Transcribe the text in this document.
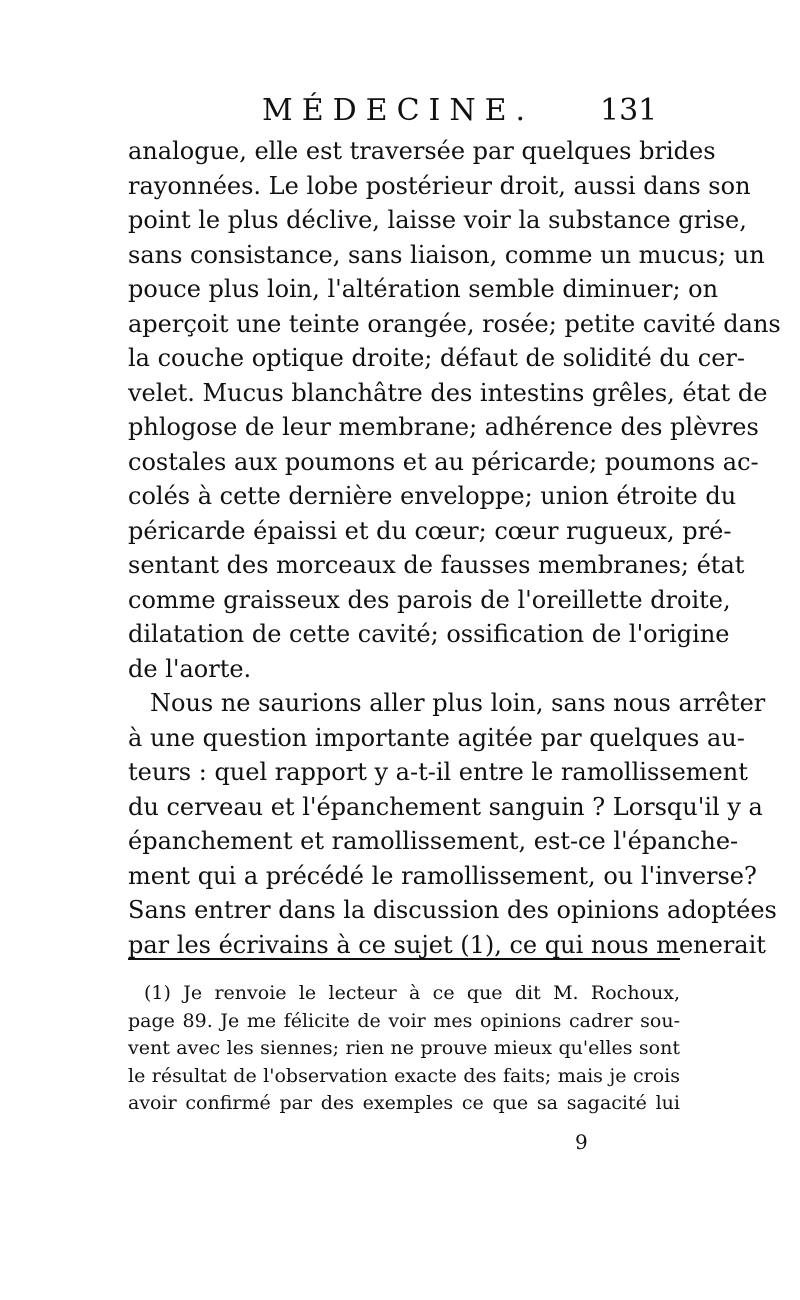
MÉDECINE. 131
analogue, elle est traversée par quelques brides
rayonnées. Le lobe postérieur droit, aussi dans son
point le plus déclive, laisse voir la substance grise,
sans consistance, sans liaison, comme un mucus; un
pouce plus loin, l'altération semble diminuer; on
aperçoit une teinte orangée, rosée; petite cavité dans
la couche optique droite; défaut de solidité du cer-
velet. Mucus blanchâtre des intestins grêles, état de
phlogose de leur membrane; adhérence des plèvres
costales aux poumons et au péricarde; poumons ac-
colés à cette dernière enveloppe; union étroite du
péricarde épaissi et du cœur; cœur rugueux, pré-
sentant des morceaux de fausses membranes; état
comme graisseux des parois de l'oreillette droite,
dilatation de cette cavité; ossification de l'origine
de l'aorte.
Nous ne saurions aller plus loin, sans nous arrêter
à une question importante agitée par quelques au-
teurs : quel rapport y a-t-il entre le ramollissement
du cerveau et l'épanchement sanguin ? Lorsqu'il y a
épanchement et ramollissement, est-ce l'épanche-
ment qui a précédé le ramollissement, ou l'inverse?
Sans entrer dans la discussion des opinions adoptées
par les écrivains à ce sujet (1), ce qui nous menerait
(1) Je renvoie le lecteur à ce que dit M. Rochoux,
page 89. Je me félicite de voir mes opinions cadrer sou-
vent avec les siennes; rien ne prouve mieux qu'elles sont
le résultat de l'observation exacte des faits; mais je crois
avoir confirmé par des exemples ce que sa sagacité lui
9
